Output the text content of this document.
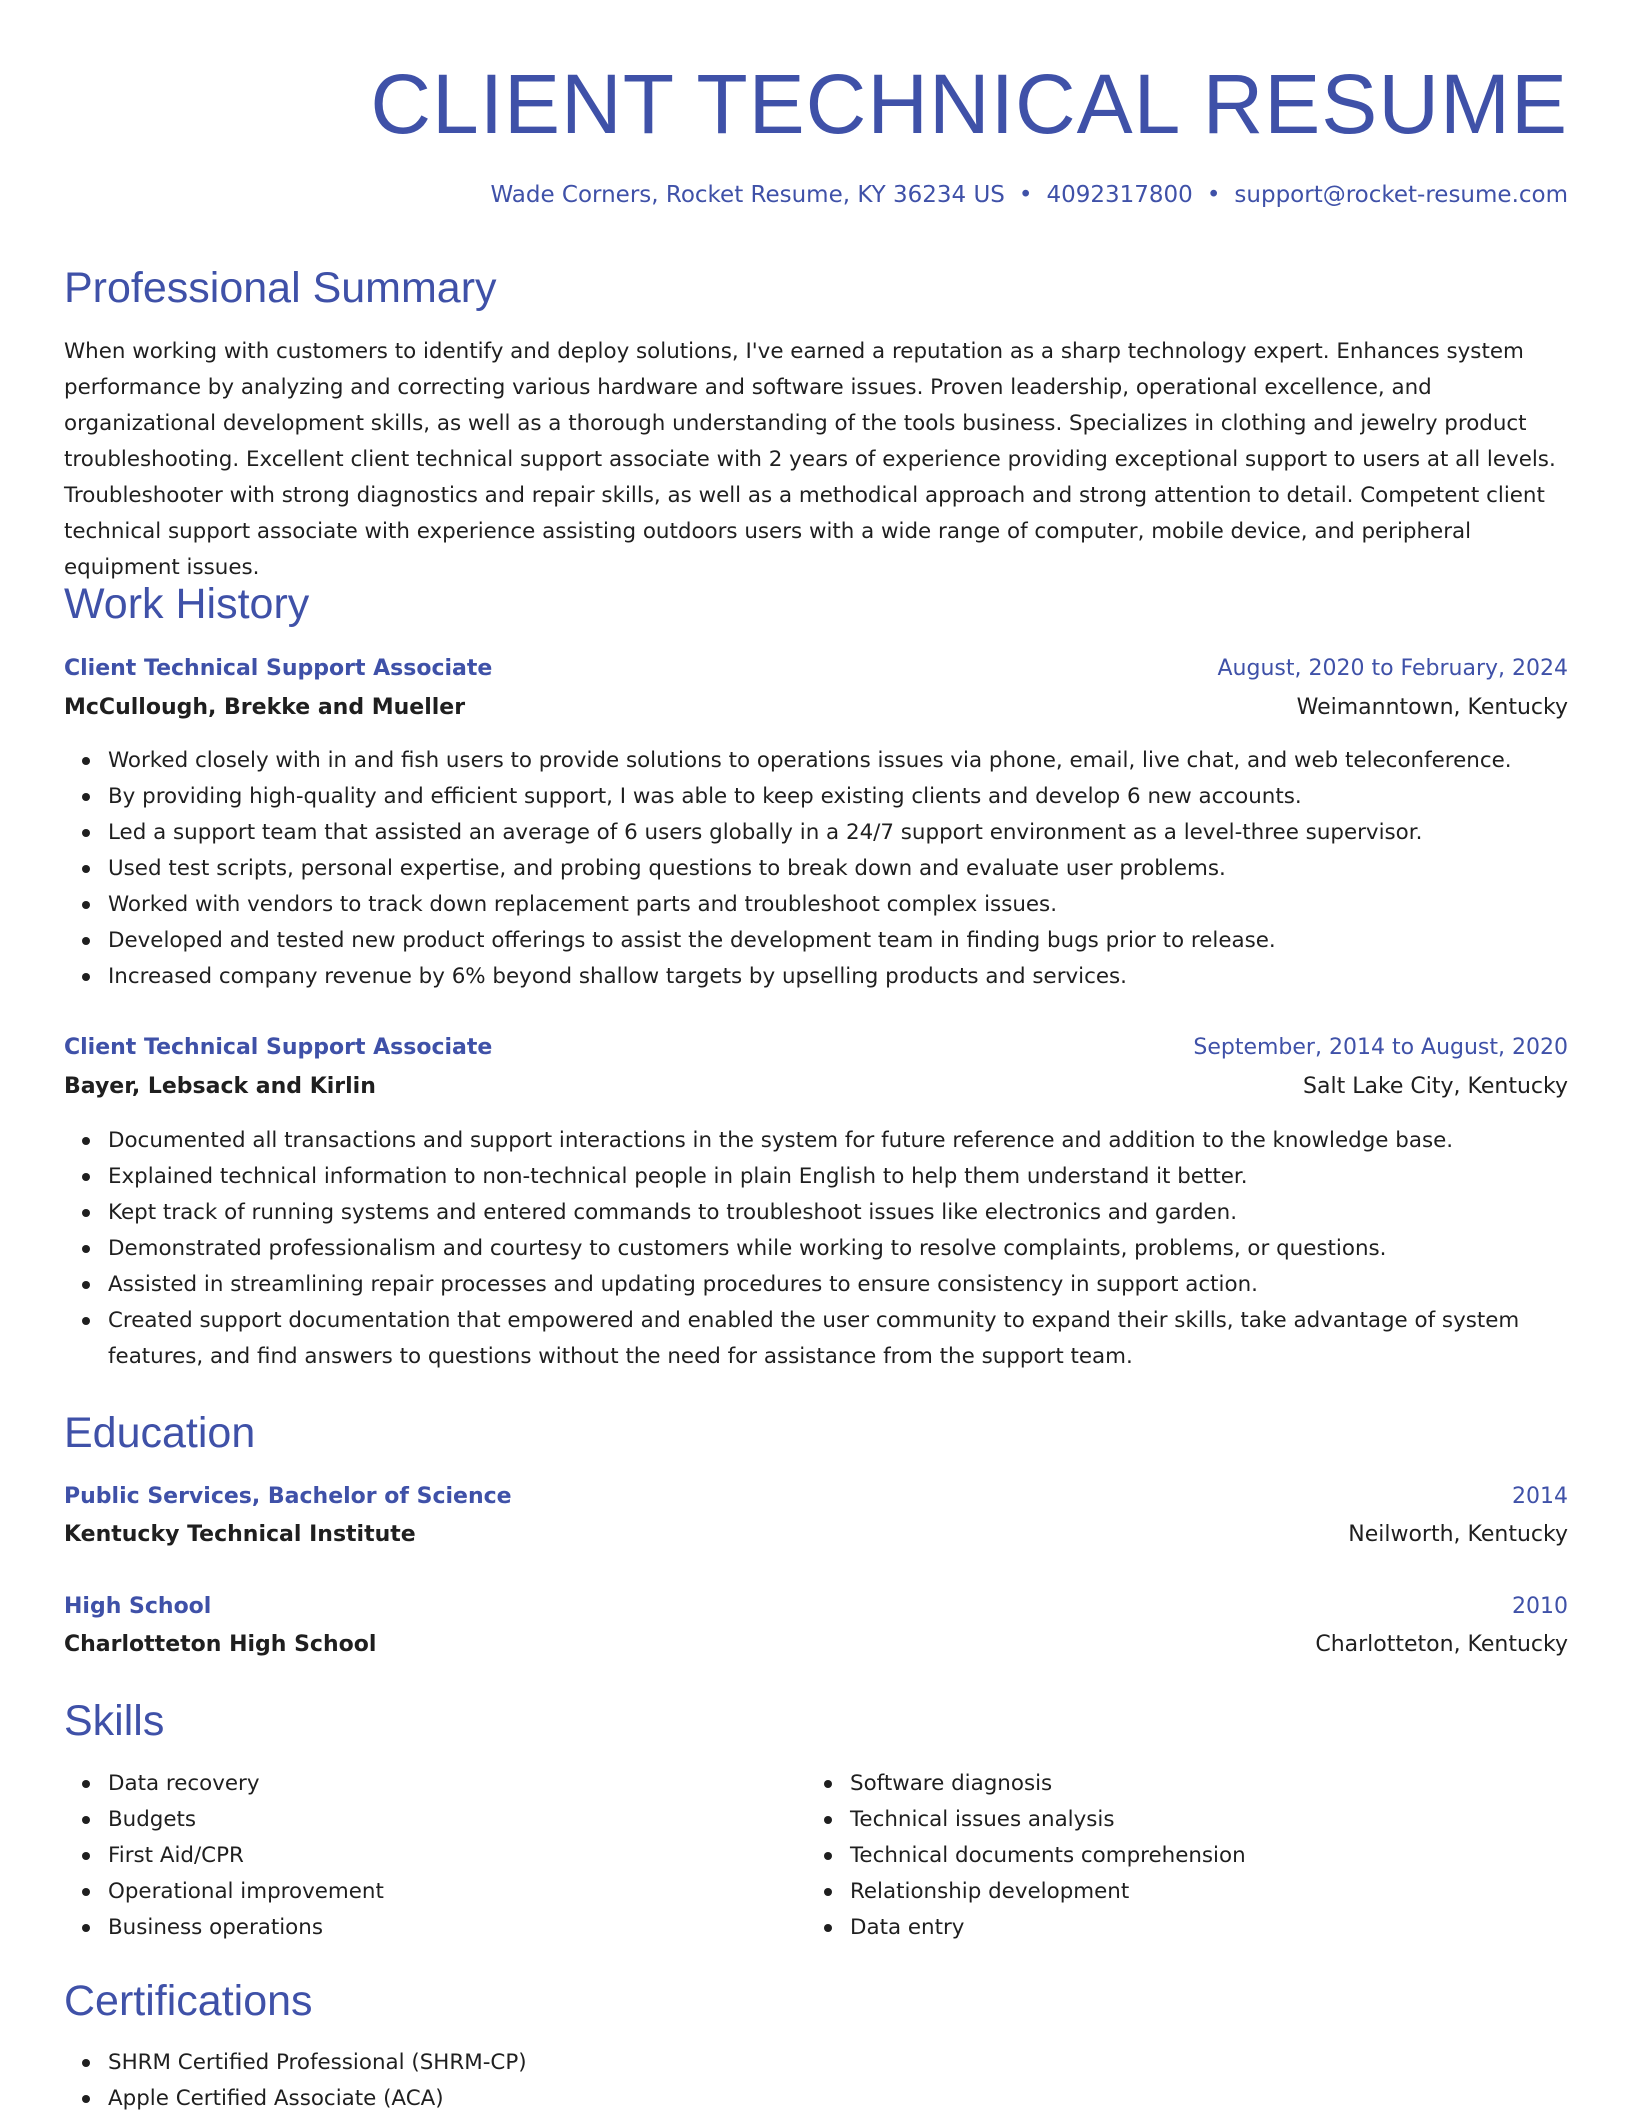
CLIENT TECHNICAL RESUME
Wade Corners, Rocket Resume, KY 36234 US • 4092317800 • support@rocket-resume.com
Professional Summary

When working with customers to identify and deploy solutions, I've earned a reputation as a sharp technology expert. Enhances system performance by analyzing and correcting various hardware and software issues. Proven leadership, operational excellence, and organizational development skills, as well as a thorough understanding of the tools business. Specializes in clothing and jewelry product troubleshooting. Excellent client technical support associate with 2 years of experience providing exceptional support to users at all levels. Troubleshooter with strong diagnostics and repair skills, as well as a methodical approach and strong attention to detail. Competent client technical support associate with experience assisting outdoors users with a wide range of computer, mobile device, and peripheral equipment issues.

Work History
Client Technical Support Associate	August, 2020 to February, 2024
McCullough, Brekke and Mueller	Weimanntown, Kentucky
Worked closely with in and fish users to provide solutions to operations issues via phone, email, live chat, and web teleconference.
By providing high-quality and efficient support, I was able to keep existing clients and develop 6 new accounts.
Led a support team that assisted an average of 6 users globally in a 24/7 support environment as a level-three supervisor.
Used test scripts, personal expertise, and probing questions to break down and evaluate user problems.
Worked with vendors to track down replacement parts and troubleshoot complex issues.
Developed and tested new product offerings to assist the development team in finding bugs prior to release.
Increased company revenue by 6% beyond shallow targets by upselling products and services.
Client Technical Support Associate	September, 2014 to August, 2020
Bayer, Lebsack and Kirlin	Salt Lake City, Kentucky
Documented all transactions and support interactions in the system for future reference and addition to the knowledge base.
Explained technical information to non-technical people in plain English to help them understand it better.
Kept track of running systems and entered commands to troubleshoot issues like electronics and garden.
Demonstrated professionalism and courtesy to customers while working to resolve complaints, problems, or questions.
Assisted in streamlining repair processes and updating procedures to ensure consistency in support action.
Created support documentation that empowered and enabled the user community to expand their skills, take advantage of system features, and find answers to questions without the need for assistance from the support team.
Education
Public Services, Bachelor of Science	2014
Kentucky Technical Institute	Neilworth, Kentucky
High School	2010
Charlotteton High School	Charlotteton, Kentucky
Skills
Data recovery
Budgets
First Aid/CPR
Operational improvement
Business operations
Software diagnosis
Technical issues analysis
Technical documents comprehension
Relationship development
Data entry
Certifications
SHRM Certified Professional (SHRM-CP)
Apple Certified Associate (ACA)
